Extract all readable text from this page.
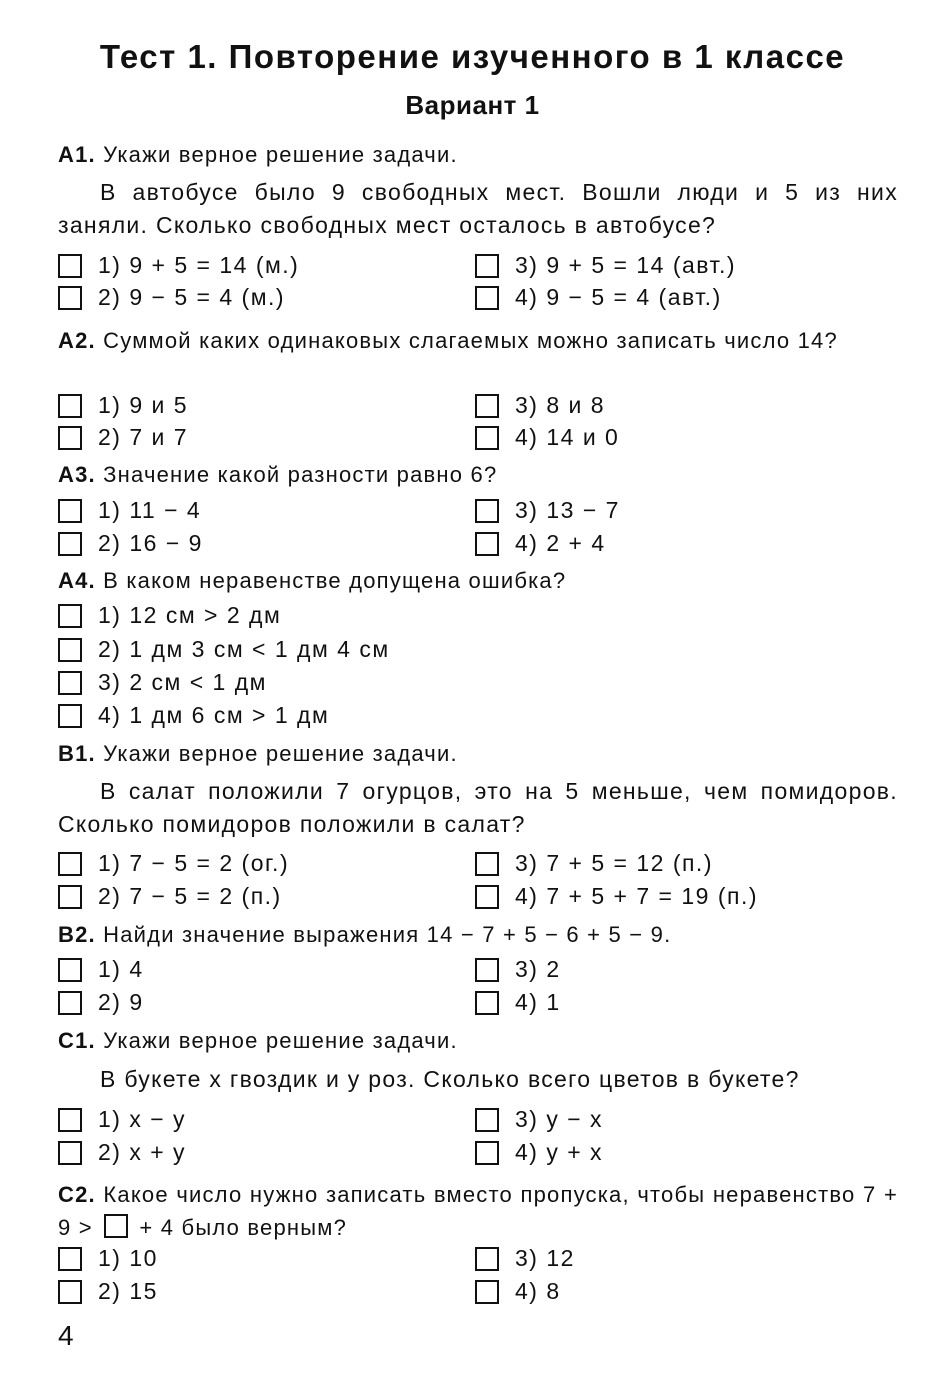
Тест 1. Повторение изученного в 1 классе
Вариант 1
А1. Укажи верное решение задачи.
В автобусе было 9 свободных мест. Вошли люди и 5 из них заняли. Сколько свободных мест осталось в автобусе?
1) 9 + 5 = 14 (м.)
2) 9 − 5 = 4 (м.)
3) 9 + 5 = 14 (авт.)
4) 9 − 5 = 4 (авт.)
А2. Суммой каких одинаковых слагаемых можно записать число 14?
1) 9 и 5
2) 7 и 7
3) 8 и 8
4) 14 и 0
А3. Значение какой разности равно 6?
1) 11 − 4
2) 16 − 9
3) 13 − 7
4) 2 + 4
А4. В каком неравенстве допущена ошибка?
1) 12 см > 2 дм
2) 1 дм 3 см < 1 дм 4 см
3) 2 см < 1 дм
4) 1 дм 6 см > 1 дм
В1. Укажи верное решение задачи.
В салат положили 7 огурцов, это на 5 меньше, чем помидоров. Сколько помидоров положили в салат?
1) 7 − 5 = 2 (ог.)
2) 7 − 5 = 2 (п.)
3) 7 + 5 = 12 (п.)
4) 7 + 5 + 7 = 19 (п.)
В2. Найди значение выражения 14 − 7 + 5 − 6 + 5 − 9.
1) 4
2) 9
3) 2
4) 1
С1. Укажи верное решение задачи.
В букете x гвоздик и y роз. Сколько всего цветов в букете?
1) x − y
2) x + y
3) y − x
4) y + x
С2. Какое число нужно записать вместо пропуска, чтобы неравенство 7 + 9 > + 4 было верным?
1) 10
2) 15
3) 12
4) 8
4
